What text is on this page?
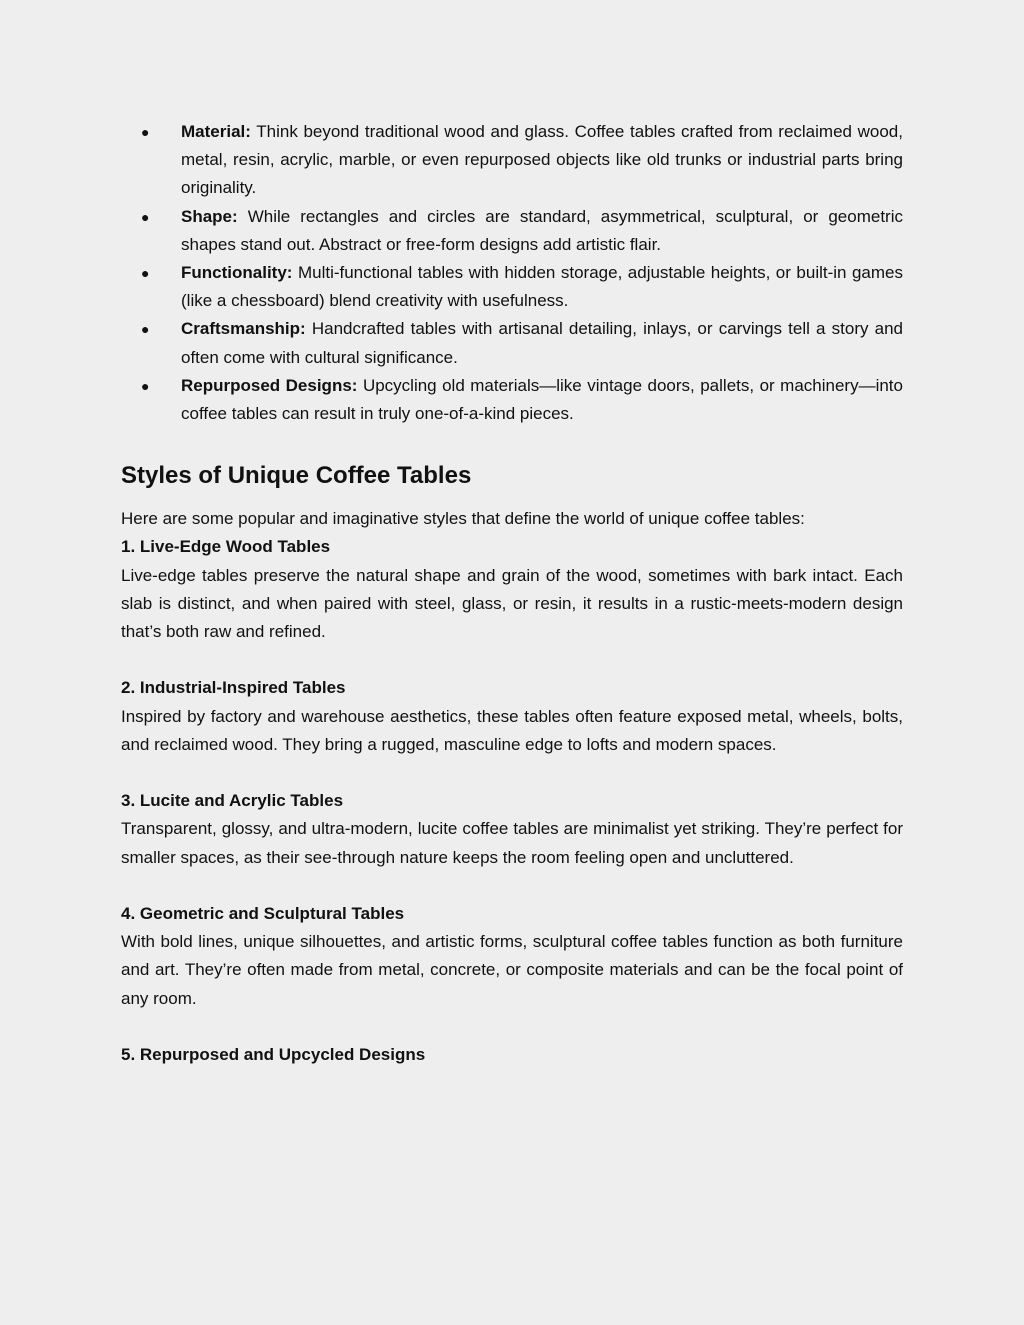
● Material: Think beyond traditional wood and glass. Coffee tables crafted from reclaimed wood, metal, resin, acrylic, marble, or even repurposed objects like old trunks or industrial parts bring originality.
● Shape: While rectangles and circles are standard, asymmetrical, sculptural, or geometric shapes stand out. Abstract or free-form designs add artistic flair.
● Functionality: Multi-functional tables with hidden storage, adjustable heights, or built-in games (like a chessboard) blend creativity with usefulness.
● Craftsmanship: Handcrafted tables with artisanal detailing, inlays, or carvings tell a story and often come with cultural significance.
● Repurposed Designs: Upcycling old materials—like vintage doors, pallets, or machinery—into coffee tables can result in truly one-of-a-kind pieces.
Styles of Unique Coffee Tables

Here are some popular and imaginative styles that define the world of unique coffee tables:

1. Live-Edge Wood Tables

Live-edge tables preserve the natural shape and grain of the wood, sometimes with bark intact. Each slab is distinct, and when paired with steel, glass, or resin, it results in a rustic-meets-modern design that’s both raw and refined.

2. Industrial-Inspired Tables

Inspired by factory and warehouse aesthetics, these tables often feature exposed metal, wheels, bolts, and reclaimed wood. They bring a rugged, masculine edge to lofts and modern spaces.

3. Lucite and Acrylic Tables

Transparent, glossy, and ultra-modern, lucite coffee tables are minimalist yet striking. They’re perfect for smaller spaces, as their see-through nature keeps the room feeling open and uncluttered.

4. Geometric and Sculptural Tables

With bold lines, unique silhouettes, and artistic forms, sculptural coffee tables function as both furniture and art. They’re often made from metal, concrete, or composite materials and can be the focal point of any room.

5. Repurposed and Upcycled Designs
